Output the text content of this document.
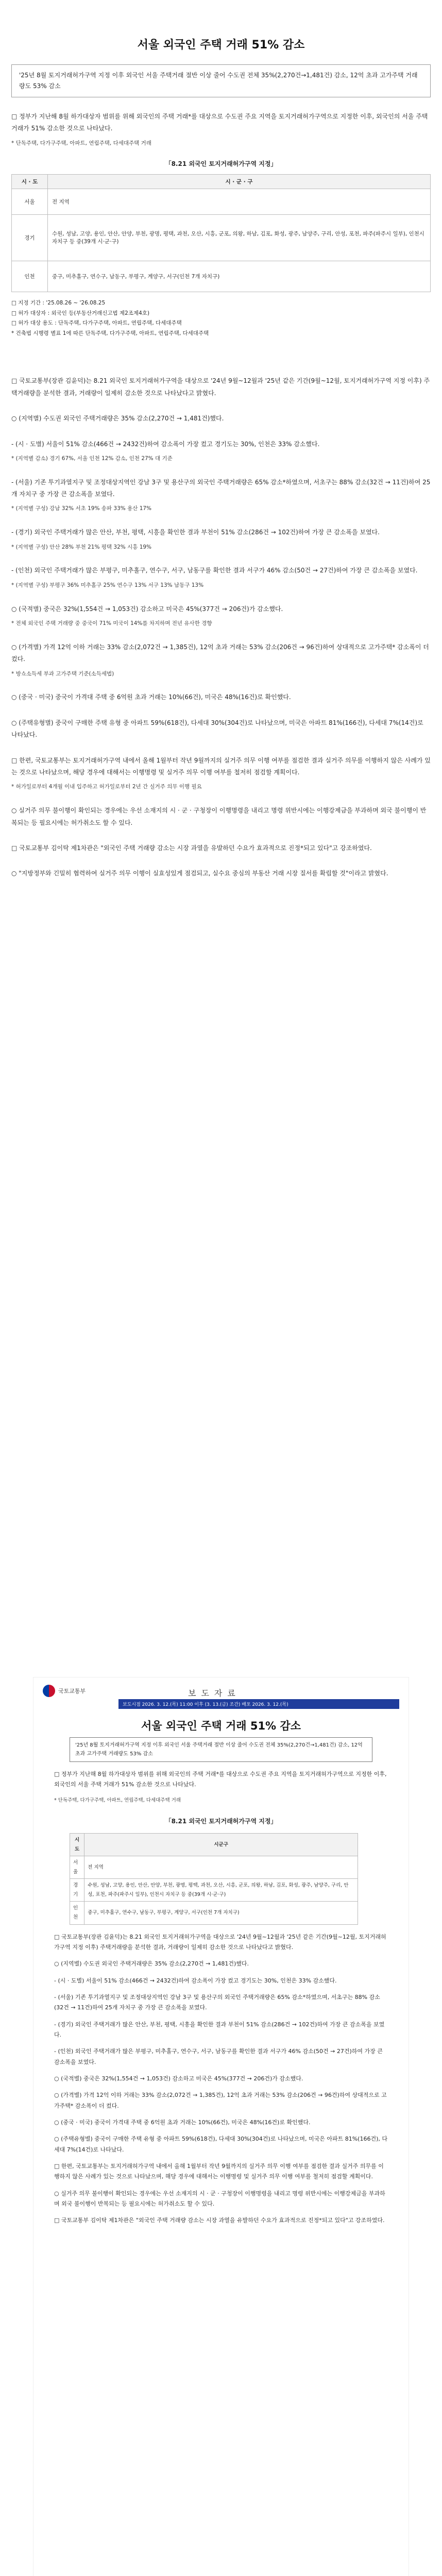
서울 외국인 주택 거래 51% 감소
'25년 8월 토지거래허가구역 지정 이후 외국인 서울 주택거래 절반 이상 줄어 수도권 전체 35%(2,270건→1,481건) 감소, 12억 초과 고가주택 거래량도 53% 감소
□ 정부가 지난해 8월 하가대상자 범위를 위해 외국인의 주택 거래*를 대상으로 수도권 주요 지역을 토지거래허가구역으로 지정한 이후, 외국인의 서울 주택 거래가 51% 감소한 것으로 나타났다.
* 단독주택, 다가구주택, 아파트, 연립주택, 다세대주택 거래
「8.21 외국인 토지거래허가구역 지정」
시 · 도	시 · 군 · 구
서울	전 지역
경기	수원, 성남, 고양, 용인, 안산, 안양, 부천, 광명, 평택, 과천, 오산, 시흥, 군포, 의왕, 하남, 김포, 화성, 광주, 남양주, 구리, 안성, 포천, 파주(파주시 일부), 인천시 자치구 등 중(39개 시·군·구)
인천	중구, 미추홀구, 연수구, 남동구, 부평구, 계양구, 서구(인천 7개 자치구)
□ 지정 기간 : '25.08.26 ~ '26.08.25
□ 허가 대상자 : 외국인 등(부동산거래신고법 제2조제4호)
□ 허가 대상 용도 : 단독주택, 다가구주택, 아파트, 연립주택, 다세대주택
* 건축법 시행령 별표 1에 따른 단독주택, 다가구주택, 아파트, 연립주택, 다세대주택
□ 국토교통부(장관 김윤덕)는 8.21 외국인 토지거래허가구역을 대상으로 '24년 9월~12월과 '25년 같은 기간(9월~12월, 토지거래허가구역 지정 이후) 주택거래량을 분석한 결과, 거래량이 일제히 감소한 것으로 나타났다고 밝혔다.
○ (지역별) 수도권 외국인 주택거래량은 35% 감소(2,270건 → 1,481건)했다.
- (시 · 도별) 서울이 51% 감소(466건 → 2432건)하여 감소폭이 가장 컸고 경기도는 30%, 인천은 33% 감소했다.
* (지역별 감소) 경기 67%, 서울 인천 12% 감소, 인천 27% 대 기준
- (서울) 기존 투기과열지구 및 조정대상지역인 강남 3구 및 용산구의 외국인 주택거래량은 65% 감소*하였으며, 서초구는 88% 감소(32건 → 11건)하여 25개 자치구 중 가장 큰 감소폭을 보였다.
* (지역별 구성) 강남 32% 서초 19% 송파 33% 용산 17%
- (경기) 외국인 주택거래가 많은 안산, 부천, 평택, 시흥을 확인한 결과 부천이 51% 감소(286건 → 102건)하여 가장 큰 감소폭을 보였다.
* (지역별 구성) 안산 28% 부천 21% 평택 32% 시흥 19%
- (인천) 외국인 주택거래가 많은 부평구, 미추홀구, 연수구, 서구, 남동구를 확인한 결과 서구가 46% 감소(50건 → 27건)하여 가장 큰 감소폭을 보였다.
* (지역별 구성) 부평구 36% 미추홀구 25% 연수구 13% 서구 13% 남동구 13%
○ (국적별) 중국은 32%(1,554건 → 1,053건) 감소하고 미국은 45%(377건 → 206건)가 감소했다.
* 전체 외국인 주택 거래량 중 중국이 71% 미국이 14%를 차지하며 전년 유사한 경향
○ (가격별) 가격 12억 이하 거래는 33% 감소(2,072건 → 1,385건), 12억 초과 거래는 53% 감소(206건 → 96건)하여 상대적으로 고가주택* 감소폭이 더 컸다.
* 방쇼소득세 부과 고가주택 기준(소득세법)
○ (중국 · 미국) 중국이 가격대 주택 중 6억원 초과 거래는 10%(66건), 미국은 48%(16건)로 확인했다.
○ (주택유형별) 중국이 구매한 주택 유형 중 아파트 59%(618건), 다세대 30%(304건)로 나타났으며, 미국은 아파트 81%(166건), 다세대 7%(14건)로 나타났다.
□ 한편, 국토교통부는 토지거래허가구역 내에서 올해 1월부터 작년 9월까지의 실거주 의무 이행 여부를 점검한 결과 실거주 의무를 이행하지 않은 사례가 있는 것으로 나타났으며, 해당 경우에 대해서는 이행명령 및 실거주 의무 이행 여부를 철저히 점검할 계획이다.
* 허가일로부터 4개월 이내 입주하고 허가일로부터 2년 간 실거주 의무 이행 필요
○ 실거주 의무 불이행이 확인되는 경우에는 우선 소재지의 시 · 군 · 구청장이 이행명령을 내리고 명령 위반시에는 이행강제금을 부과하며 외국 불이행이 반복되는 등 필요시에는 허가취소도 할 수 있다.
□ 국토교통부 김이탁 제1차관은 "외국인 주택 거래량 감소는 시장 과열을 유발하던 수요가 효과적으로 진정*되고 있다"고 강조하였다.
○ "지방정부와 긴밀히 협력하여 실거주 의무 이행이 실효성있게 점검되고, 실수요 중심의 부동산 거래 시장 질서를 확립할 것"이라고 밝혔다.
국토교통부	보도자료
보도시점 2026. 3. 12.(목) 11:00 이후 (3. 13.(금) 조간) 배포 2026. 3. 12.(목)
서울 외국인 주택 거래 51% 감소
'25년 8월 토지거래허가구역 지정 이후 외국인 서울 주택거래 절반 이상 줄어 수도권 전체 35%(2,270건→1,481건) 감소, 12억 초과 고가주택 거래량도 53% 감소

□ 정부가 지난해 8월 하가대상자 범위를 위해 외국인의 주택 거래*를 대상으로 수도권 주요 지역을 토지거래허가구역으로 지정한 이후, 외국인의 서울 주택 거래가 51% 감소한 것으로 나타났다.

* 단독주택, 다가구주택, 아파트, 연립주택, 다세대주택 거래

「8.21 외국인 토지거래허가구역 지정」
시도	시군구
서울	전 지역
경기	수원, 성남, 고양, 용인, 안산, 안양, 부천, 광명, 평택, 과천, 오산, 시흥, 군포, 의왕, 하남, 김포, 화성, 광주, 남양주, 구리, 안성, 포천, 파주(파주시 일부), 인천시 자치구 등 중(39개 시·군·구)
인천	중구, 미추홀구, 연수구, 남동구, 부평구, 계양구, 서구(인천 7개 자치구)

□ 국토교통부(장관 김윤덕)는 8.21 외국인 토지거래허가구역을 대상으로 '24년 9월~12월과 '25년 같은 기간(9월~12월, 토지거래허가구역 지정 이후) 주택거래량을 분석한 결과, 거래량이 일제히 감소한 것으로 나타났다고 밝혔다.

○ (지역별) 수도권 외국인 주택거래량은 35% 감소(2,270건 → 1,481건)했다.

- (시 · 도별) 서울이 51% 감소(466건 → 2432건)하여 감소폭이 가장 컸고 경기도는 30%, 인천은 33% 감소했다.

- (서울) 기존 투기과열지구 및 조정대상지역인 강남 3구 및 용산구의 외국인 주택거래량은 65% 감소*하였으며, 서초구는 88% 감소(32건 → 11건)하여 25개 자치구 중 가장 큰 감소폭을 보였다.

- (경기) 외국인 주택거래가 많은 안산, 부천, 평택, 시흥을 확인한 결과 부천이 51% 감소(286건 → 102건)하여 가장 큰 감소폭을 보였다.

- (인천) 외국인 주택거래가 많은 부평구, 미추홀구, 연수구, 서구, 남동구를 확인한 결과 서구가 46% 감소(50건 → 27건)하여 가장 큰 감소폭을 보였다.

○ (국적별) 중국은 32%(1,554건 → 1,053건) 감소하고 미국은 45%(377건 → 206건)가 감소했다.

○ (가격별) 가격 12억 이하 거래는 33% 감소(2,072건 → 1,385건), 12억 초과 거래는 53% 감소(206건 → 96건)하여 상대적으로 고가주택* 감소폭이 더 컸다.

○ (중국 · 미국) 중국이 가격대 주택 중 6억원 초과 거래는 10%(66건), 미국은 48%(16건)로 확인했다.

○ (주택유형별) 중국이 구매한 주택 유형 중 아파트 59%(618건), 다세대 30%(304건)로 나타났으며, 미국은 아파트 81%(166건), 다세대 7%(14건)로 나타났다.

□ 한편, 국토교통부는 토지거래허가구역 내에서 올해 1월부터 작년 9월까지의 실거주 의무 이행 여부를 점검한 결과 실거주 의무를 이행하지 않은 사례가 있는 것으로 나타났으며, 해당 경우에 대해서는 이행명령 및 실거주 의무 이행 여부를 철저히 점검할 계획이다.

○ 실거주 의무 불이행이 확인되는 경우에는 우선 소재지의 시 · 군 · 구청장이 이행명령을 내리고 명령 위반시에는 이행강제금을 부과하며 외국 불이행이 반복되는 등 필요시에는 허가취소도 할 수 있다.

□ 국토교통부 김이탁 제1차관은 "외국인 주택 거래량 감소는 시장 과열을 유발하던 수요가 효과적으로 진정*되고 있다"고 강조하였다.
